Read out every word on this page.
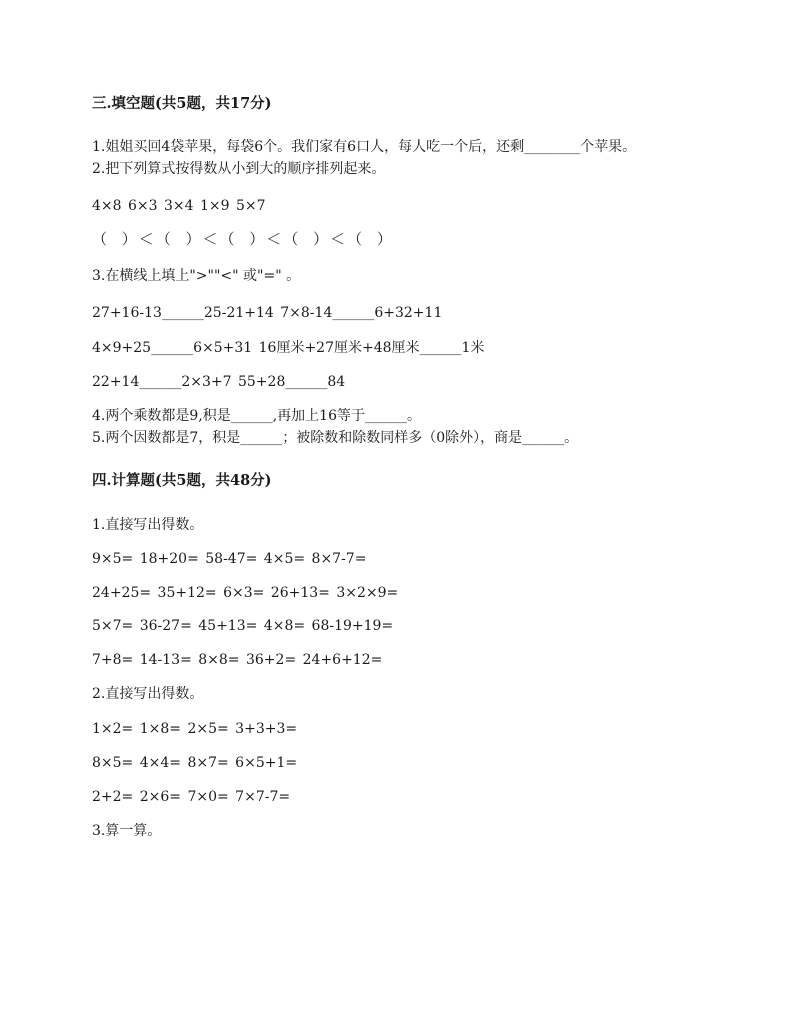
三.填空题(共5题，共17分)
1.姐姐买回4袋苹果，每袋6个。我们家有6口人，每人吃一个后，还剩________个苹果。
2.把下列算式按得数从小到大的顺序排列起来。
4×8 6×3 3×4 1×9 5×7
（ ）＜（ ）＜（ ）＜（ ）＜（ ）
3.在横线上填上">""<" 或"=" 。
27+16-13______25-21+14 7×8-14______6+32+11
4×9+25______6×5+31 16厘米+27厘米+48厘米______1米
22+14______2×3+7 55+28______84
4.两个乘数都是9,积是______,再加上16等于______。
5.两个因数都是7，积是______；被除数和除数同样多（0除外），商是______。
四.计算题(共5题，共48分)
1.直接写出得数。
9×5= 18+20= 58-47= 4×5= 8×7-7=
24+25= 35+12= 6×3= 26+13= 3×2×9=
5×7= 36-27= 45+13= 4×8= 68-19+19=
7+8= 14-13= 8×8= 36+2= 24+6+12=
2.直接写出得数。
1×2= 1×8= 2×5= 3+3+3=
8×5= 4×4= 8×7= 6×5+1=
2+2= 2×6= 7×0= 7×7-7=
3.算一算。
